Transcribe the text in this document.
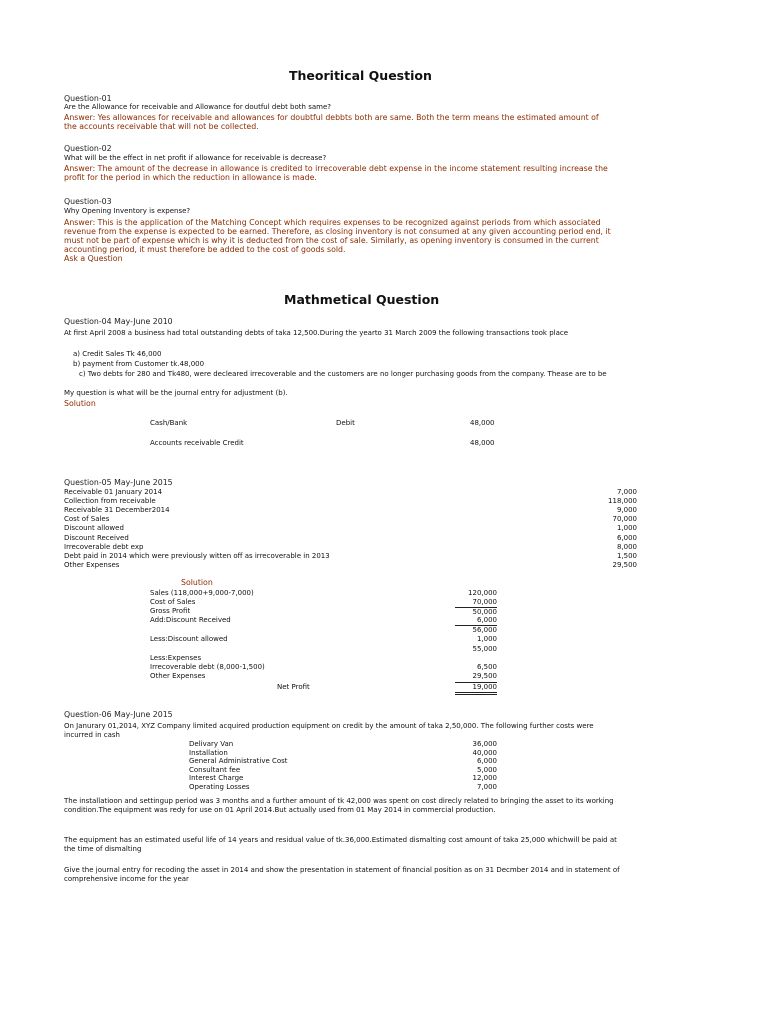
Theoritical Question
Question-01
Are the Allowance for receivable and Allowance for doutful debt both same?
Answer: Yes allowances for receivable and allowances for doubtful debbts both are same. Both the term means the estimated amount of
the accounts receivable that will not be collected.
Question-02
What will be the effect in net profit if allowance for receivable is decrease?
Answer: The amount of the decrease in allowance is credited to irrecoverable debt expense in the income statement resulting increase the
profit for the period in which the reduction in allowance is made.
Question-03
Why Opening Inventory is expense?
Answer: This is the application of the Matching Concept which requires expenses to be recognized against periods from which associated
revenue from the expense is expected to be earned. Therefore, as closing inventory is not consumed at any given accounting period end, it
must not be part of expense which is why it is deducted from the cost of sale. Similarly, as opening inventory is consumed in the current
accounting period, it must therefore be added to the cost of goods sold.
Ask a Question
Mathmetical Question
Question-04 May-June 2010
At first April 2008 a business had total outstanding debts of taka 12,500.During the yearto 31 March 2009 the following transactions took place
a) Credit Sales Tk 46,000
b) payment from Customer tk.48,000
c) Two debts for 280 and Tk480, were decleared irrecoverable and the customers are no longer purchasing goods from the company. Thease are to be
My question is what will be the journal entry for adjustment (b).
Solution
Cash/Bank	Debit	48,000
Accounts receivable Credit	48,000
Question-05 May-June 2015
Receivable 01 January 2014	7,000
Collection from receivable	118,000
Receivable 31 December2014	9,000
Cost of Sales	70,000
Discount allowed	1,000
Discount Received	6,000
Irrecoverable debt exp	8,000
Debt paid in 2014 which were previously witten off as irrecoverable in 2013	1,500
Other Expenses	29,500
Solution
Sales (118,000+9,000-7,000)	120,000
Cost of Sales	70,000
Gross Profit	50,000
Add:Discount Received	6,000
56,000
Less:Discount allowed	1,000
55,000
Less:Expenses
Irrecoverable debt (8,000-1,500)	6,500
Other Expenses	29,500
Net Profit	19,000
Question-06 May-June 2015
On Janurary 01,2014, XYZ Company limited acquired production equipment on credit by the amount of taka 2,50,000. The following further costs were
incurred in cash
Delivary Van	36,000
Installation	40,000
General Administrative Cost	6,000
Consultant fee	5,000
Interest Charge	12,000
Operating Losses	7,000
The installatioon and settingup period was 3 months and a further amount of tk 42,000 was spent on cost direcly related to bringing the asset to its working
condition.The equipment was redy for use on 01 April 2014.But actually used from 01 May 2014 in commercial production.
The equipment has an estimated useful life of 14 years and residual value of tk.36,000.Estimated dismalting cost amount of taka 25,000 whichwill be paid at
the time of dismalting
Give the journal entry for recoding the asset in 2014 and show the presentation in statement of financial position as on 31 Decmber 2014 and in statement of
comprehensive income for the year
